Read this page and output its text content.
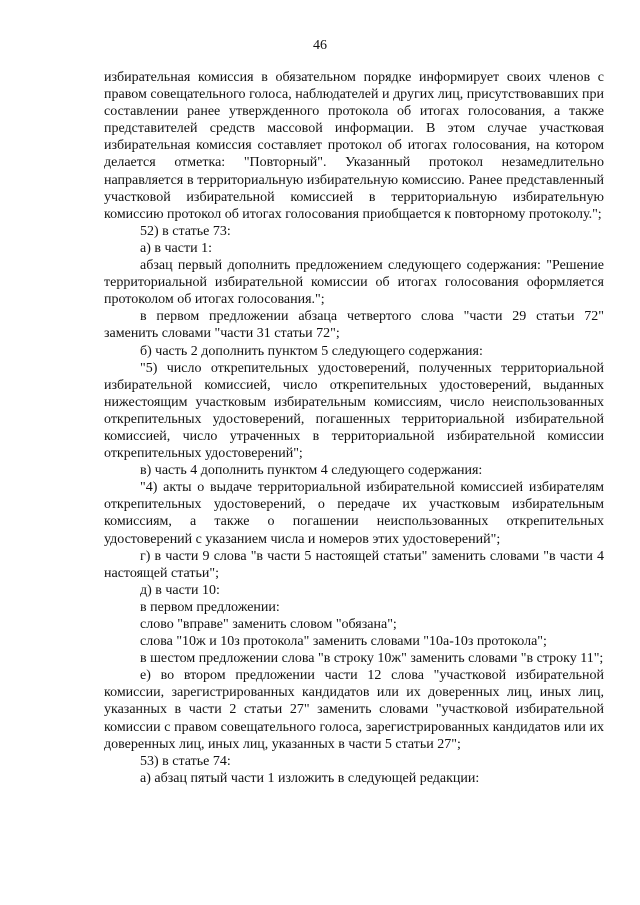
46

избирательная комиссия в обязательном порядке информирует своих членов с правом совещательного голоса, наблюдателей и других лиц, присутствовавших при составлении ранее утвержденного протокола об итогах голосования, а также представителей средств массовой информации. В этом случае участковая избирательная комиссия составляет протокол об итогах голосования, на котором делается отметка: "Повторный". Указанный протокол незамедлительно направляется в территориальную избирательную комиссию. Ранее представленный участковой избирательной комиссией в территориальную избирательную комиссию протокол об итогах голосования приобщается к повторному протоколу.";

52) в статье 73:

а) в части 1:

абзац первый дополнить предложением следующего содержания: "Решение территориальной избирательной комиссии об итогах голосования оформляется протоколом об итогах голосования.";

в первом предложении абзаца четвертого слова "части 29 статьи 72" заменить словами "части 31 статьи 72";

б) часть 2 дополнить пунктом 5 следующего содержания:

"5) число открепительных удостоверений, полученных территориальной избирательной комиссией, число открепительных удостоверений, выданных нижестоящим участковым избирательным комиссиям, число неиспользованных открепительных удостоверений, погашенных территориальной избирательной комиссией, число утраченных в территориальной избирательной комиссии открепительных удостоверений";

в) часть 4 дополнить пунктом 4 следующего содержания:

"4) акты о выдаче территориальной избирательной комиссией избирателям открепительных удостоверений, о передаче их участковым избирательным комиссиям, а также о погашении неиспользованных открепительных удостоверений с указанием числа и номеров этих удостоверений";

г) в части 9 слова "в части 5 настоящей статьи" заменить словами "в части 4 настоящей статьи";

д) в части 10:

в первом предложении:

слово "вправе" заменить словом "обязана";

слова "10ж и 10з протокола" заменить словами "10а-10з протокола";

в шестом предложении слова "в строку 10ж" заменить словами "в строку 11";

е) во втором предложении части 12 слова "участковой избирательной комиссии, зарегистрированных кандидатов или их доверенных лиц, иных лиц, указанных в части 2 статьи 27" заменить словами "участковой избирательной комиссии с правом совещательного голоса, зарегистрированных кандидатов или их доверенных лиц, иных лиц, указанных в части 5 статьи 27";

53) в статье 74:

а) абзац пятый части 1 изложить в следующей редакции:
